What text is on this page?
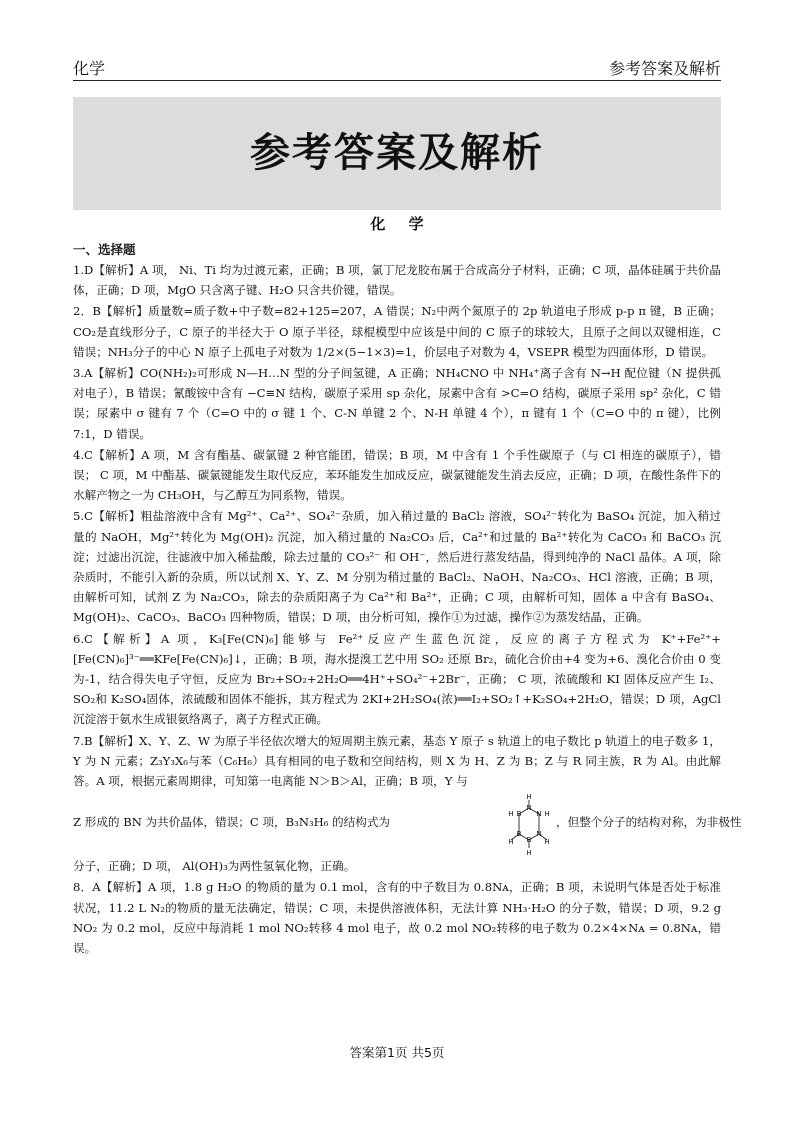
化学	参考答案及解析
参考答案及解析
化 学
一、选择题

1.D【解析】A 项， Ni、Ti 均为过渡元素，正确；B 项，氯丁尼龙胶布属于合成高分子材料，正确；C 项，晶体硅属于共价晶体，正确；D 项，MgO 只含离子键、H₂O 只含共价键，错误。

2．B【解析】质量数=质子数+中子数=82+125=207，A 错误；N₂中两个氮原子的 2p 轨道电子形成 p-p π 键，B 正确；CO₂是直线形分子，C 原子的半径大于 O 原子半径，球棍模型中应该是中间的 C 原子的球较大，且原子之间以双键相连，C 错误；NH₃分子的中心 N 原子上孤电子对数为 1/2×(5−1×3)=1，价层电子对数为 4，VSEPR 模型为四面体形，D 错误。

3.A【解析】CO(NH₂)₂可形成 N—H…N 型的分子间氢键，A 正确；NH₄CNO 中 NH₄⁺离子含有 N→H 配位键（N 提供孤对电子），B 错误；氰酸铵中含有 −C≡N 结构，碳原子采用 sp 杂化，尿素中含有 >C=O 结构，碳原子采用 sp² 杂化，C 错误；尿素中 σ 键有 7 个（C=O 中的 σ 键 1 个、C-N 单键 2 个、N-H 单键 4 个），π 键有 1 个（C=O 中的 π 键），比例 7:1，D 错误。

4.C【解析】A 项，M 含有酯基、碳氯键 2 种官能团，错误；B 项，M 中含有 1 个手性碳原子（与 Cl 相连的碳原子），错误； C 项，M 中酯基、碳氯键能发生取代反应，苯环能发生加成反应，碳氯键能发生消去反应，正确；D 项，在酸性条件下的水解产物之一为 CH₃OH，与乙醇互为同系物，错误。

5.C【解析】粗盐溶液中含有 Mg²⁺、Ca²⁺、SO₄²⁻杂质，加入稍过量的 BaCl₂ 溶液，SO₄²⁻转化为 BaSO₄ 沉淀，加入稍过量的 NaOH，Mg²⁺转化为 Mg(OH)₂ 沉淀，加入稍过量的 Na₂CO₃ 后，Ca²⁺和过量的 Ba²⁺转化为 CaCO₃ 和 BaCO₃ 沉淀；过滤出沉淀，往滤液中加入稀盐酸，除去过量的 CO₃²⁻ 和 OH⁻，然后进行蒸发结晶，得到纯净的 NaCl 晶体。A 项，除杂质时，不能引入新的杂质，所以试剂 X、Y、Z、M 分别为稍过量的 BaCl₂、NaOH、Na₂CO₃、HCl 溶液，正确；B 项，由解析可知，试剂 Z 为 Na₂CO₃，除去的杂质阳离子为 Ca²⁺和 Ba²⁺，正确；C 项，由解析可知，固体 a 中含有 BaSO₄、Mg(OH)₂、CaCO₃、BaCO₃ 四种物质，错误；D 项，由分析可知，操作①为过滤，操作②为蒸发结晶，正确。

6.C【解析】A 项，K₃[Fe(CN)₆]能够与 Fe²⁺反应产生蓝色沉淀，反应的离子方程式为 K⁺+Fe²⁺+ [Fe(CN)₆]³⁻══KFe[Fe(CN)₆]↓，正确；B 项，海水提溴工艺中用 SO₂ 还原 Br₂，硫化合价由+4 变为+6、溴化合价由 0 变为-1，结合得失电子守恒，反应为 Br₂+SO₂+2H₂O══4H⁺+SO₄²⁻+2Br⁻，正确； C 项，浓硫酸和 KI 固体反应产生 I₂、SO₂和 K₂SO₄固体，浓硫酸和固体不能拆，其方程式为 2KI+2H₂SO₄(浓)══I₂+SO₂↑+K₂SO₄+2H₂O，错误；D 项，AgCl 沉淀溶于氨水生成银氨络离子，离子方程式正确。

7.B【解析】X、Y、Z、W 为原子半径依次增大的短周期主族元素，基态 Y 原子 s 轨道上的电子数比 p 轨道上的电子数多 1，Y 为 N 元素；Z₃Y₃X₆与苯（C₆H₆）具有相同的电子数和空间结构，则 X 为 H、Z 为 B；Z 与 R 同主族，R 为 Al。由此解答。A 项，根据元素周期律，可知第一电离能 N＞B＞Al，正确；B 项，Y 与

Z 形成的 BN 为共价晶体，错误；C 项，B₃N₃H₆ 的结构式为
H
B
N
H	N
B
H
H B
N
H
H
，但整个分子的结构对称，为非极性

分子，正确；D 项， Al(OH)₃为两性氢氧化物，正确。

8．A【解析】A 项，1.8 g H₂O 的物质的量为 0.1 mol，含有的中子数目为 0.8Nᴀ，正确；B 项，未说明气体是否处于标准状况，11.2 L N₂的物质的量无法确定，错误；C 项，未提供溶液体积，无法计算 NH₃·H₂O 的分子数，错误；D 项，9.2 g NO₂ 为 0.2 mol，反应中每消耗 1 mol NO₂转移 4 mol 电子，故 0.2 mol NO₂转移的电子数为 0.2×4×Nᴀ = 0.8Nᴀ，错误。

答案第1页 共5页
